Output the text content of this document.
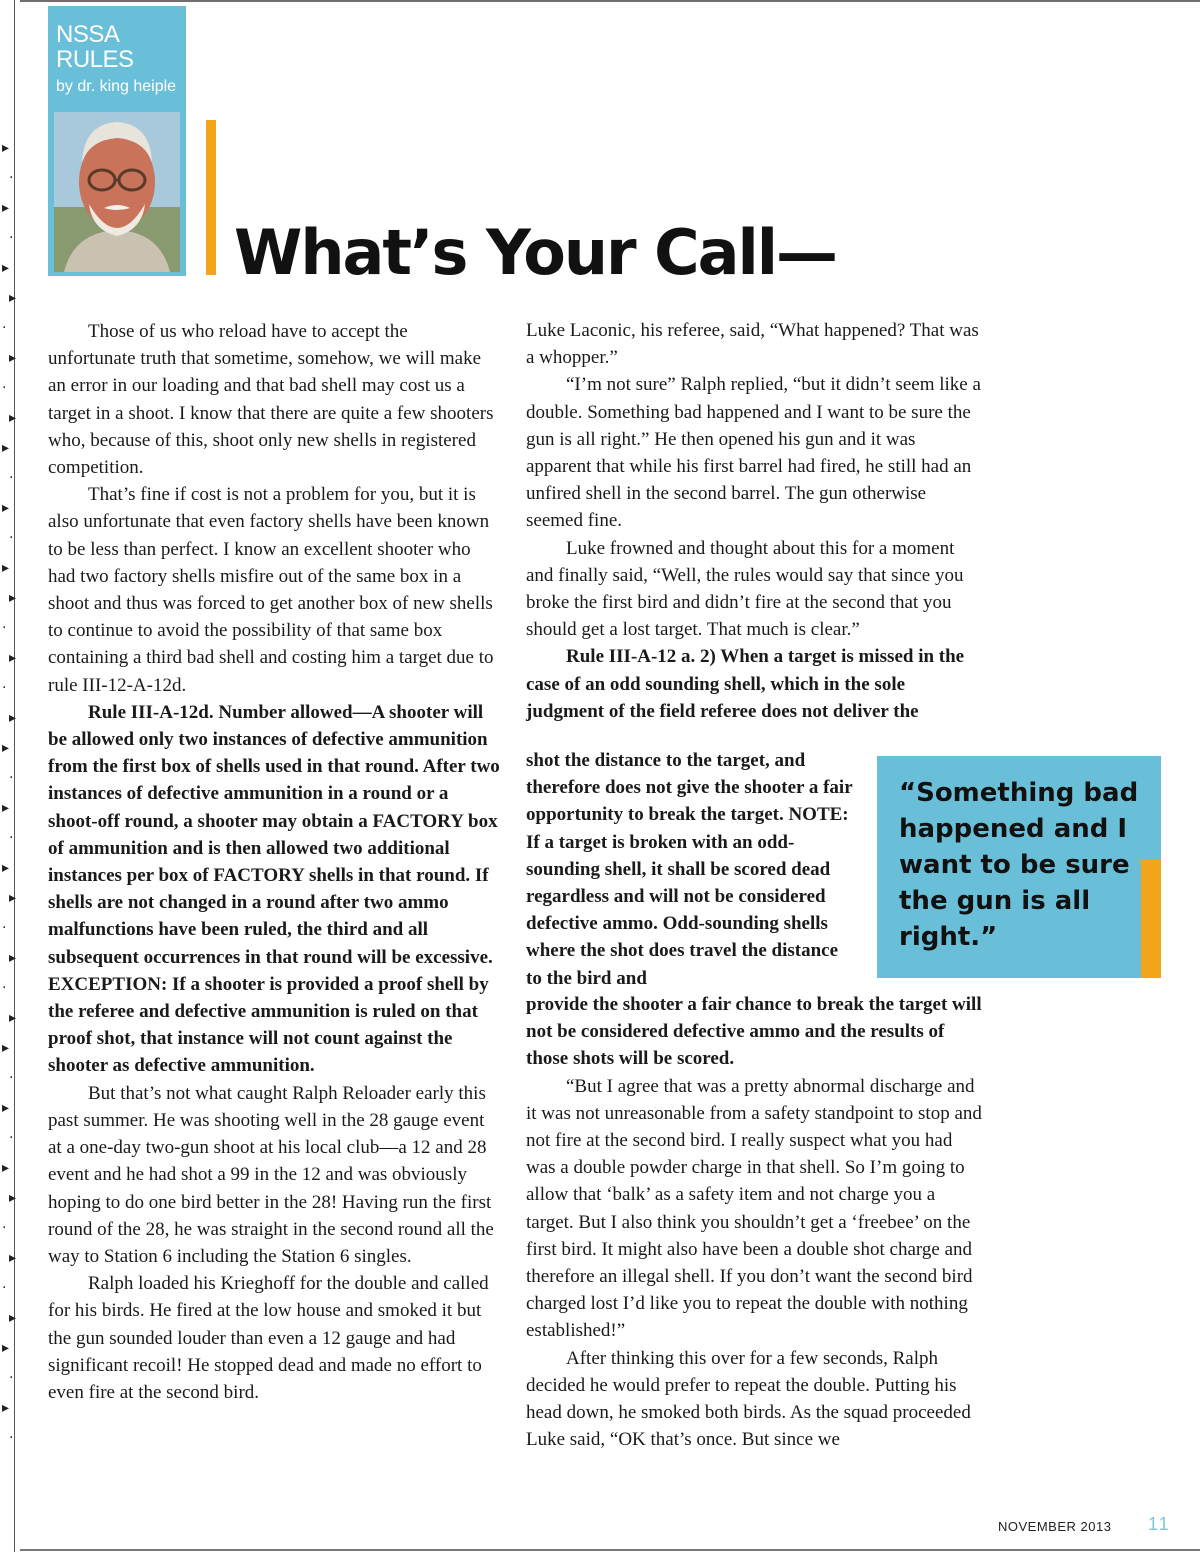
▸
⋅
▸
⋅
▸
▸
⋅
▸
⋅
▸
▸
⋅
▸
⋅
▸
▸
⋅
▸
⋅
▸
▸
⋅
▸
⋅
▸
▸
⋅
▸
⋅
▸
▸
⋅
▸
⋅
▸
▸
⋅
▸
⋅
▸
▸
⋅
▸
⋅
NSSA
RULES
by dr. king heiple
What’s Your Call—

Those of us who reload have to accept the unfortunate truth that sometime, somehow, we will make an error in our loading and that bad shell may cost us a target in a shoot. I know that there are quite a few shooters who, because of this, shoot only new shells in registered competition.

That’s fine if cost is not a problem for you, but it is also unfortunate that even factory shells have been known to be less than perfect. I know an excellent shooter who had two factory shells misfire out of the same box in a shoot and thus was forced to get another box of new shells to continue to avoid the possibility of that same box containing a third bad shell and costing him a target due to rule III-12-A-12d.

Rule III-A-12d. Number allowed—A shooter will be allowed only two instances of defective ammunition from the first box of shells used in that round. After two instances of defective ammunition in a round or a shoot-off round, a shooter may obtain a FACTORY box of ammunition and is then allowed two additional instances per box of FACTORY shells in that round. If shells are not changed in a round after two ammo malfunctions have been ruled, the third and all subsequent occurrences in that round will be excessive. EXCEPTION: If a shooter is provided a proof shell by the referee and defective ammunition is ruled on that proof shot, that instance will not count against the shooter as defective ammunition.

But that’s not what caught Ralph Reloader early this past summer. He was shooting well in the 28 gauge event at a one-day two-gun shoot at his local club—a 12 and 28 event and he had shot a 99 in the 12 and was obviously hoping to do one bird better in the 28! Having run the first round of the 28, he was straight in the second round all the way to Station 6 including the Station 6 singles.

Ralph loaded his Krieghoff for the double and called for his birds. He fired at the low house and smoked it but the gun sounded louder than even a 12 gauge and had significant recoil! He stopped dead and made no effort to even fire at the second bird.

Luke Laconic, his referee, said, “What happened? That was a whopper.”

“I’m not sure” Ralph replied, “but it didn’t seem like a double. Something bad happened and I want to be sure the gun is all right.” He then opened his gun and it was apparent that while his first barrel had fired, he still had an unfired shell in the second barrel. The gun otherwise seemed fine.

Luke frowned and thought about this for a moment and finally said, “Well, the rules would say that since you broke the first bird and didn’t fire at the second that you should get a lost target. That much is clear.”

Rule III-A-12 a. 2) When a target is missed in the case of an odd sounding shell, which in the sole judgment of the field referee does not deliver the

shot the distance to the target, and therefore does not give the shooter a fair opportunity to break the target. NOTE: If a target is broken with an odd-sounding shell, it shall be scored dead regardless and will not be considered defective ammo. Odd-sounding shells where the shot does travel the distance to the bird and

provide the shooter a fair chance to break the target will not be considered defective ammo and the results of those shots will be scored.

“But I agree that was a pretty abnormal discharge and it was not unreasonable from a safety standpoint to stop and not fire at the second bird. I really suspect what you had was a double powder charge in that shell. So I’m going to allow that ‘balk’ as a safety item and not charge you a target. But I also think you shouldn’t get a ‘freebee’ on the first bird. It might also have been a double shot charge and therefore an illegal shell. If you don’t want the second bird charged lost I’d like you to repeat the double with nothing established!”

After thinking this over for a few seconds, Ralph decided he would prefer to repeat the double. Putting his head down, he smoked both birds. As the squad proceeded Luke said, “OK that’s once. But since we

“Something bad happened and I want to be sure the gun is all right.”
NOVEMBER 2013 11
